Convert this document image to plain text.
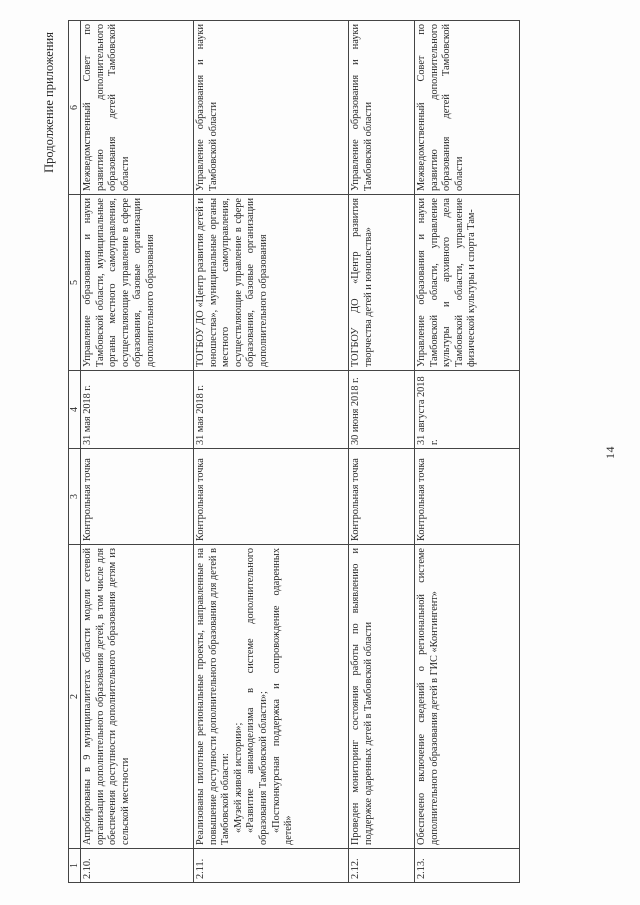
14
Продолжение приложения
1	2	3	4	5	6
2.10.	Апробированы в 9 муниципалитетах области модели сетевой организации дополнительного образования детей, в том числе для обеспечения доступности дополнительного образования детям из сельской местности	Контрольная точка	31 мая 2018 г.	Управление образования и науки Тамбовской области, муниципальные органы местного самоуправления, осуществляющие управление в сфере образования, базовые организации дополнительного образования	Межведомственный Совет по развитию дополнительного образования детей Тамбовской области
2.11.	Реализованы пилотные региональные проекты, направленные на повышение доступности дополнительного образования для детей в Тамбовской области: «Музей живой истории»; «Развитие авиамоделизма в системе дополнительного образования Тамбовской области»; «Постконкурсная поддержка и сопровождение одаренных детей»	Контрольная точка	31 мая 2018 г.	ТОГБОУ ДО «Центр развития детей и юношества», муниципальные органы местного самоуправления, осуществляющие управление в сфере образования, базовые организации дополнительного образования	Управление образования и науки Тамбовской области
2.12.	Проведен мониторинг состояния работы по выявлению и поддержке одаренных детей в Тамбовской области	Контрольная точка	30 июня 2018 г.	ТОГБОУ ДО «Центр развития творчества детей и юношества»	Управление образования и науки Тамбовской области
2.13.	Обеспечено включение сведений о региональной системе дополнительного образования детей в ГИС «Контингент»	Контрольная точка	31 августа 2018 г.	Управление образования и науки Тамбовской области, управление культуры и архивного дела Тамбовской области, управление физической культуры и спорта Там-	Межведомственный Совет по развитию дополнительного образования детей Тамбовской области
